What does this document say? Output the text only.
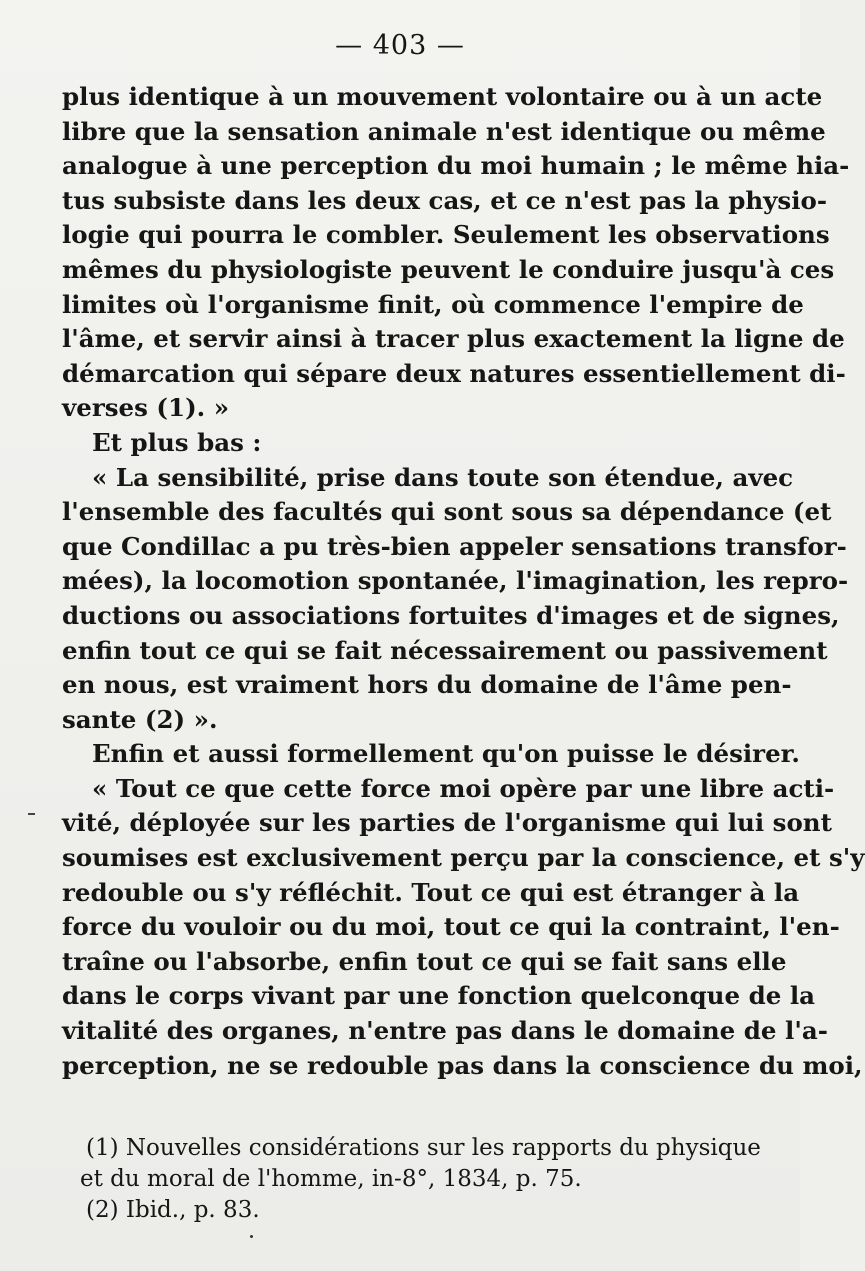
— 403 —
plus identique à un mouvement volontaire ou à un acte
libre que la sensation animale n'est identique ou même
analogue à une perception du moi humain ; le même hia-
tus subsiste dans les deux cas, et ce n'est pas la physio-
logie qui pourra le combler. Seulement les observations
mêmes du physiologiste peuvent le conduire jusqu'à ces
limites où l'organisme finit, où commence l'empire de
l'âme, et servir ainsi à tracer plus exactement la ligne de
démarcation qui sépare deux natures essentiellement di-
verses (1). »
Et plus bas :
« La sensibilité, prise dans toute son étendue, avec
l'ensemble des facultés qui sont sous sa dépendance (et
que Condillac a pu très-bien appeler sensations transfor-
mées), la locomotion spontanée, l'imagination, les repro-
ductions ou associations fortuites d'images et de signes,
enfin tout ce qui se fait nécessairement ou passivement
en nous, est vraiment hors du domaine de l'âme pen-
sante (2) ».
Enfin et aussi formellement qu'on puisse le désirer.
« Tout ce que cette force moi opère par une libre acti-
vité, déployée sur les parties de l'organisme qui lui sont
soumises est exclusivement perçu par la conscience, et s'y
redouble ou s'y réfléchit. Tout ce qui est étranger à la
force du vouloir ou du moi, tout ce qui la contraint, l'en-
traîne ou l'absorbe, enfin tout ce qui se fait sans elle
dans le corps vivant par une fonction quelconque de la
vitalité des organes, n'entre pas dans le domaine de l'a-
perception, ne se redouble pas dans la conscience du moi,
(1) Nouvelles considérations sur les rapports du physique
et du moral de l'homme, in-8°, 1834, p. 75.
(2) Ibid., p. 83.
